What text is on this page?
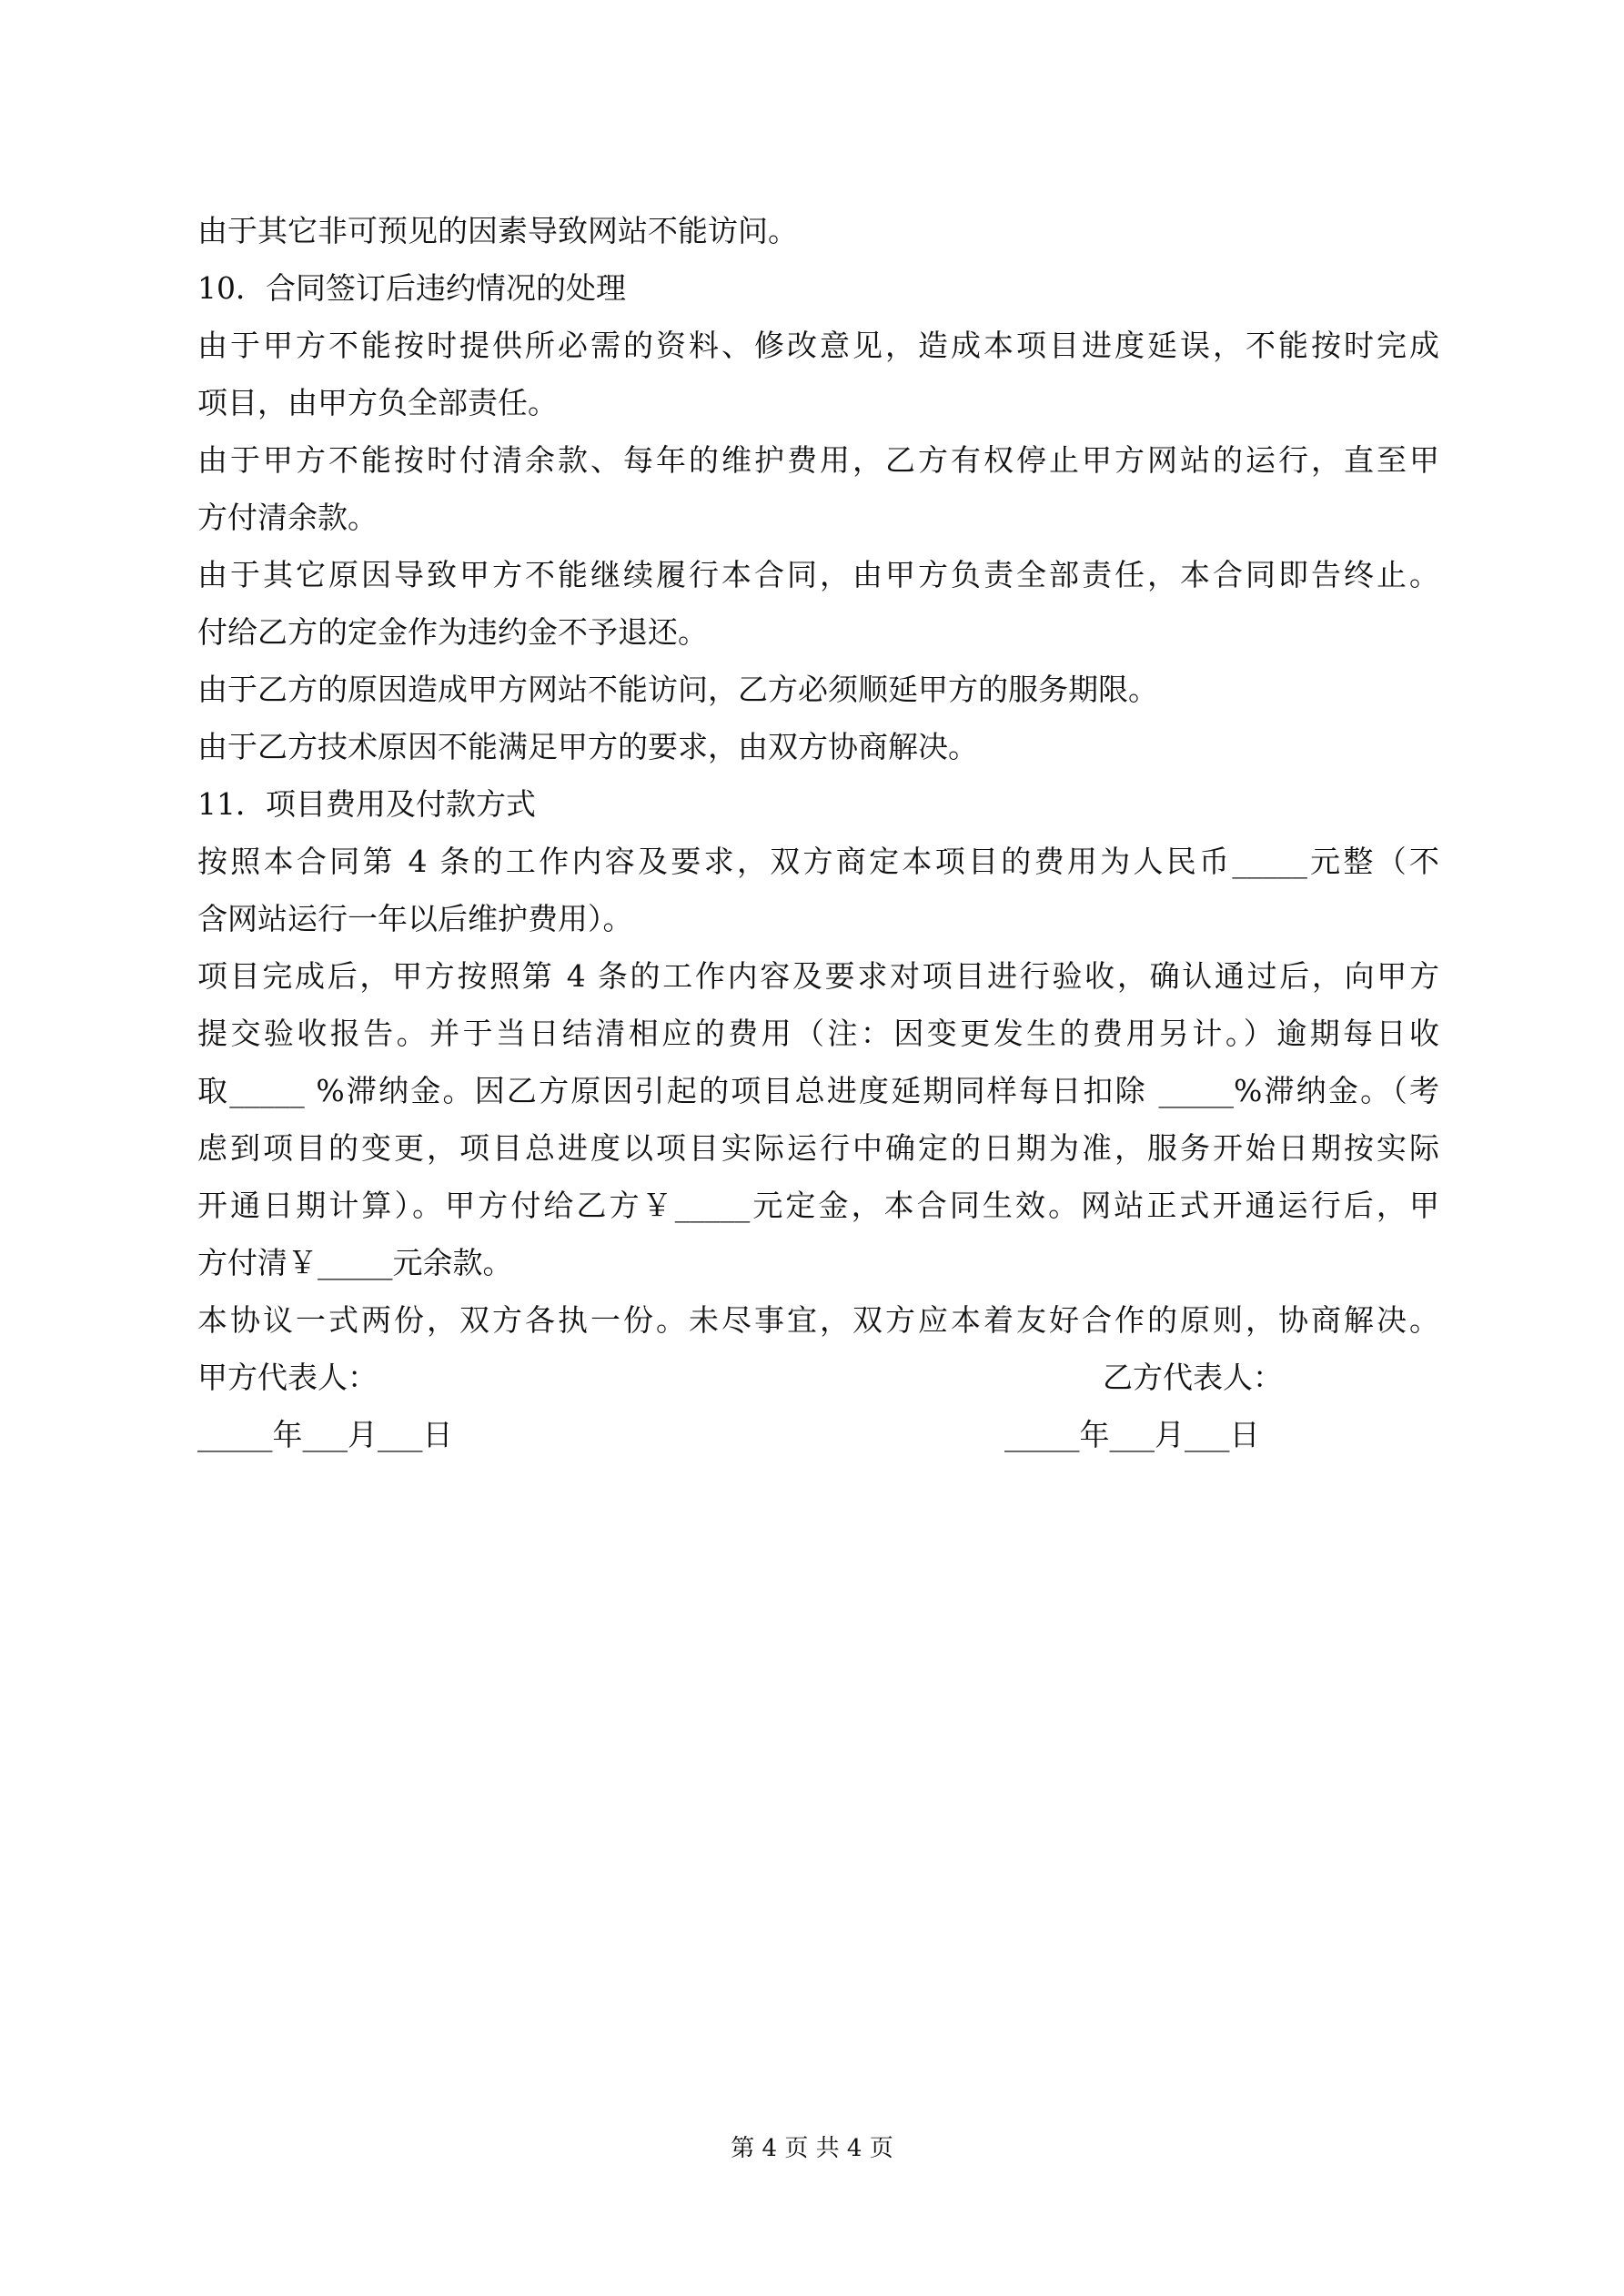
由于其它非可预见的因素导致网站不能访问。
10．合同签订后违约情况的处理
由于甲方不能按时提供所必需的资料、修改意见，造成本项目进度延误，不能按时完成
项目，由甲方负全部责任。
由于甲方不能按时付清余款、每年的维护费用，乙方有权停止甲方网站的运行，直至甲
方付清余款。
由于其它原因导致甲方不能继续履行本合同，由甲方负责全部责任，本合同即告终止。
付给乙方的定金作为违约金不予退还。
由于乙方的原因造成甲方网站不能访问，乙方必须顺延甲方的服务期限。
由于乙方技术原因不能满足甲方的要求，由双方协商解决。
11．项目费用及付款方式
按照本合同第 4 条的工作内容及要求，双方商定本项目的费用为人民币_____元整（不
含网站运行一年以后维护费用）。
项目完成后，甲方按照第 4 条的工作内容及要求对项目进行验收，确认通过后，向甲方
提交验收报告。并于当日结清相应的费用（注：因变更发生的费用另计。）逾期每日收
取_____ %滞纳金。因乙方原因引起的项目总进度延期同样每日扣除 _____%滞纳金。（考
虑到项目的变更，项目总进度以项目实际运行中确定的日期为准，服务开始日期按实际
开通日期计算）。甲方付给乙方￥_____元定金，本合同生效。网站正式开通运行后，甲
方付清￥_____元余款。
本协议一式两份，双方各执一份。未尽事宜，双方应本着友好合作的原则，协商解决。
甲方代表人：	乙方代表人：
_____年___月___日	_____年___月___日
第 4 页 共 4 页
